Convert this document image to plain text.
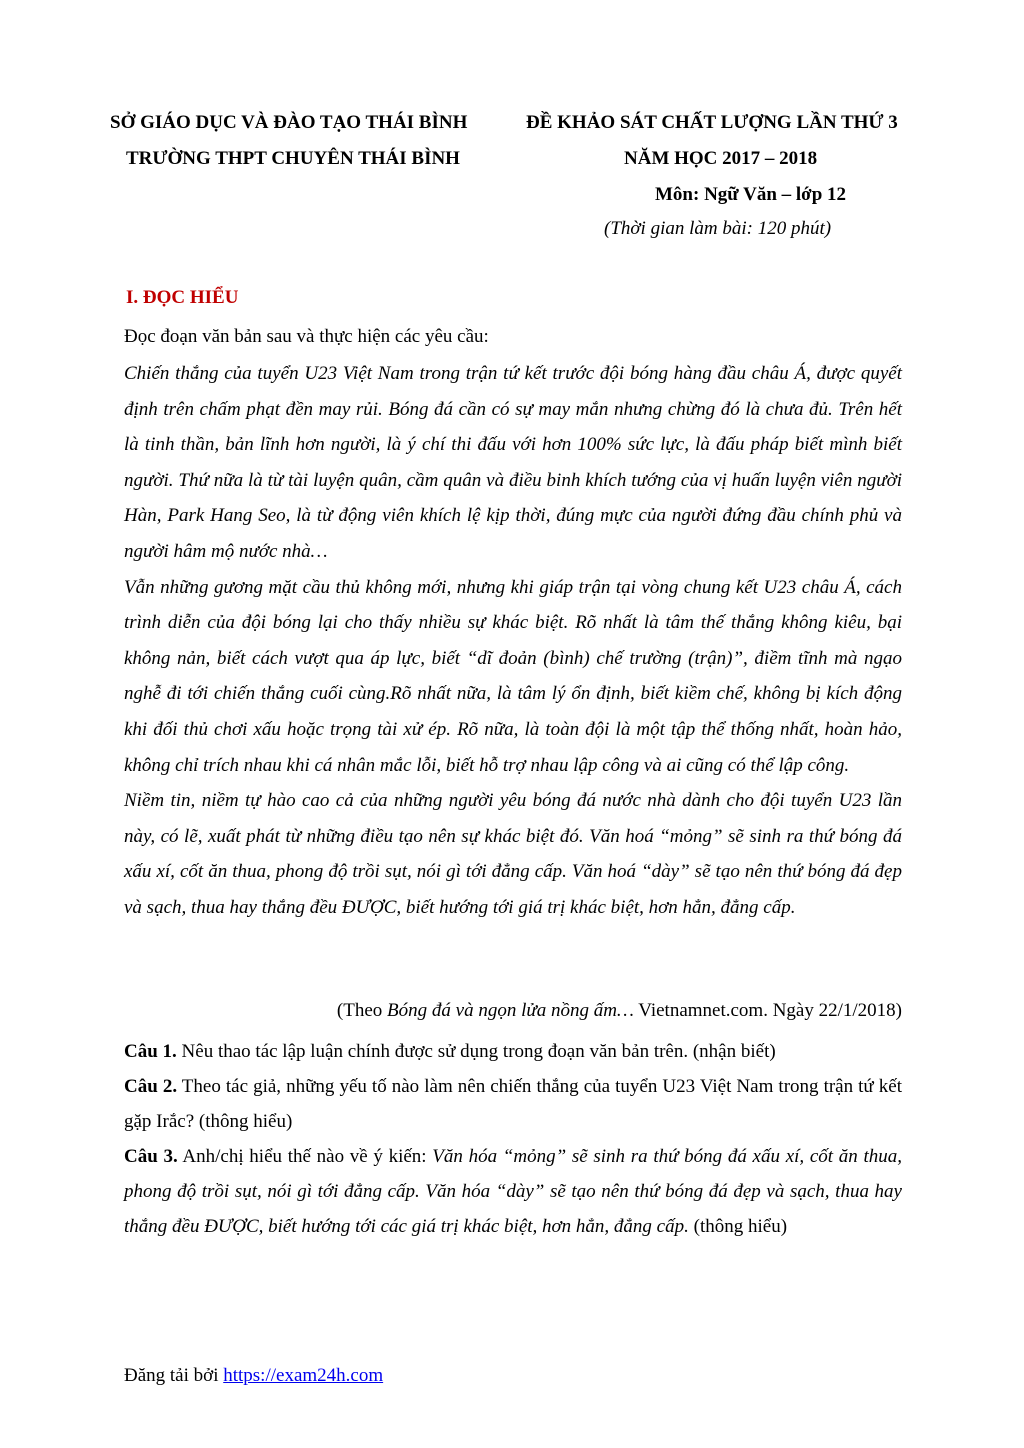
SỞ GIÁO DỤC VÀ ĐÀO TẠO THÁI BÌNH
TRƯỜNG THPT CHUYÊN THÁI BÌNH
ĐỀ KHẢO SÁT CHẤT LƯỢNG LẦN THỨ 3
NĂM HỌC 2017 – 2018
Môn: Ngữ Văn – lớp 12
(Thời gian làm bài: 120 phút)
I. ĐỌC HIỂU
Đọc đoạn văn bản sau và thực hiện các yêu cầu:

Chiến thắng của tuyển U23 Việt Nam trong trận tứ kết trước đội bóng hàng đầu châu Á, được quyết định trên chấm phạt đền may rủi. Bóng đá cần có sự may mắn nhưng chừng đó là chưa đủ. Trên hết là tinh thần, bản lĩnh hơn người, là ý chí thi đấu với hơn 100% sức lực, là đấu pháp biết mình biết người. Thứ nữa là từ tài luyện quân, cầm quân và điều binh khích tướng của vị huấn luyện viên người Hàn, Park Hang Seo, là từ động viên khích lệ kịp thời, đúng mực của người đứng đầu chính phủ và người hâm mộ nước nhà…

Vẫn những gương mặt cầu thủ không mới, nhưng khi giáp trận tại vòng chung kết U23 châu Á, cách trình diễn của đội bóng lại cho thấy nhiều sự khác biệt. Rõ nhất là tâm thế thắng không kiêu, bại không nản, biết cách vượt qua áp lực, biết “dĩ đoản (bình) chế trường (trận)”, điềm tĩnh mà ngạo nghễ đi tới chiến thắng cuối cùng.Rõ nhất nữa, là tâm lý ổn định, biết kiềm chế, không bị kích động khi đối thủ chơi xấu hoặc trọng tài xử ép. Rõ nữa, là toàn đội là một tập thể thống nhất, hoàn hảo, không chỉ trích nhau khi cá nhân mắc lỗi, biết hỗ trợ nhau lập công và ai cũng có thể lập công.

Niềm tin, niềm tự hào cao cả của những người yêu bóng đá nước nhà dành cho đội tuyển U23 lần này, có lẽ, xuất phát từ những điều tạo nên sự khác biệt đó. Văn hoá “mỏng” sẽ sinh ra thứ bóng đá xấu xí, cốt ăn thua, phong độ trồi sụt, nói gì tới đẳng cấp. Văn hoá “dày” sẽ tạo nên thứ bóng đá đẹp và sạch, thua hay thắng đều ĐƯỢC, biết hướng tới giá trị khác biệt, hơn hẳn, đẳng cấp.

(Theo Bóng đá và ngọn lửa nồng ấm… Vietnamnet.com. Ngày 22/1/2018)

Câu 1. Nêu thao tác lập luận chính được sử dụng trong đoạn văn bản trên. (nhận biết)

Câu 2. Theo tác giả, những yếu tố nào làm nên chiến thắng của tuyển U23 Việt Nam trong trận tứ kết gặp Irắc? (thông hiểu)

Câu 3. Anh/chị hiểu thế nào về ý kiến: Văn hóa “mỏng” sẽ sinh ra thứ bóng đá xấu xí, cốt ăn thua, phong độ trồi sụt, nói gì tới đẳng cấp. Văn hóa “dày” sẽ tạo nên thứ bóng đá đẹp và sạch, thua hay thắng đều ĐƯỢC, biết hướng tới các giá trị khác biệt, hơn hẳn, đẳng cấp. (thông hiểu)

Đăng tải bởi https://exam24h.com
